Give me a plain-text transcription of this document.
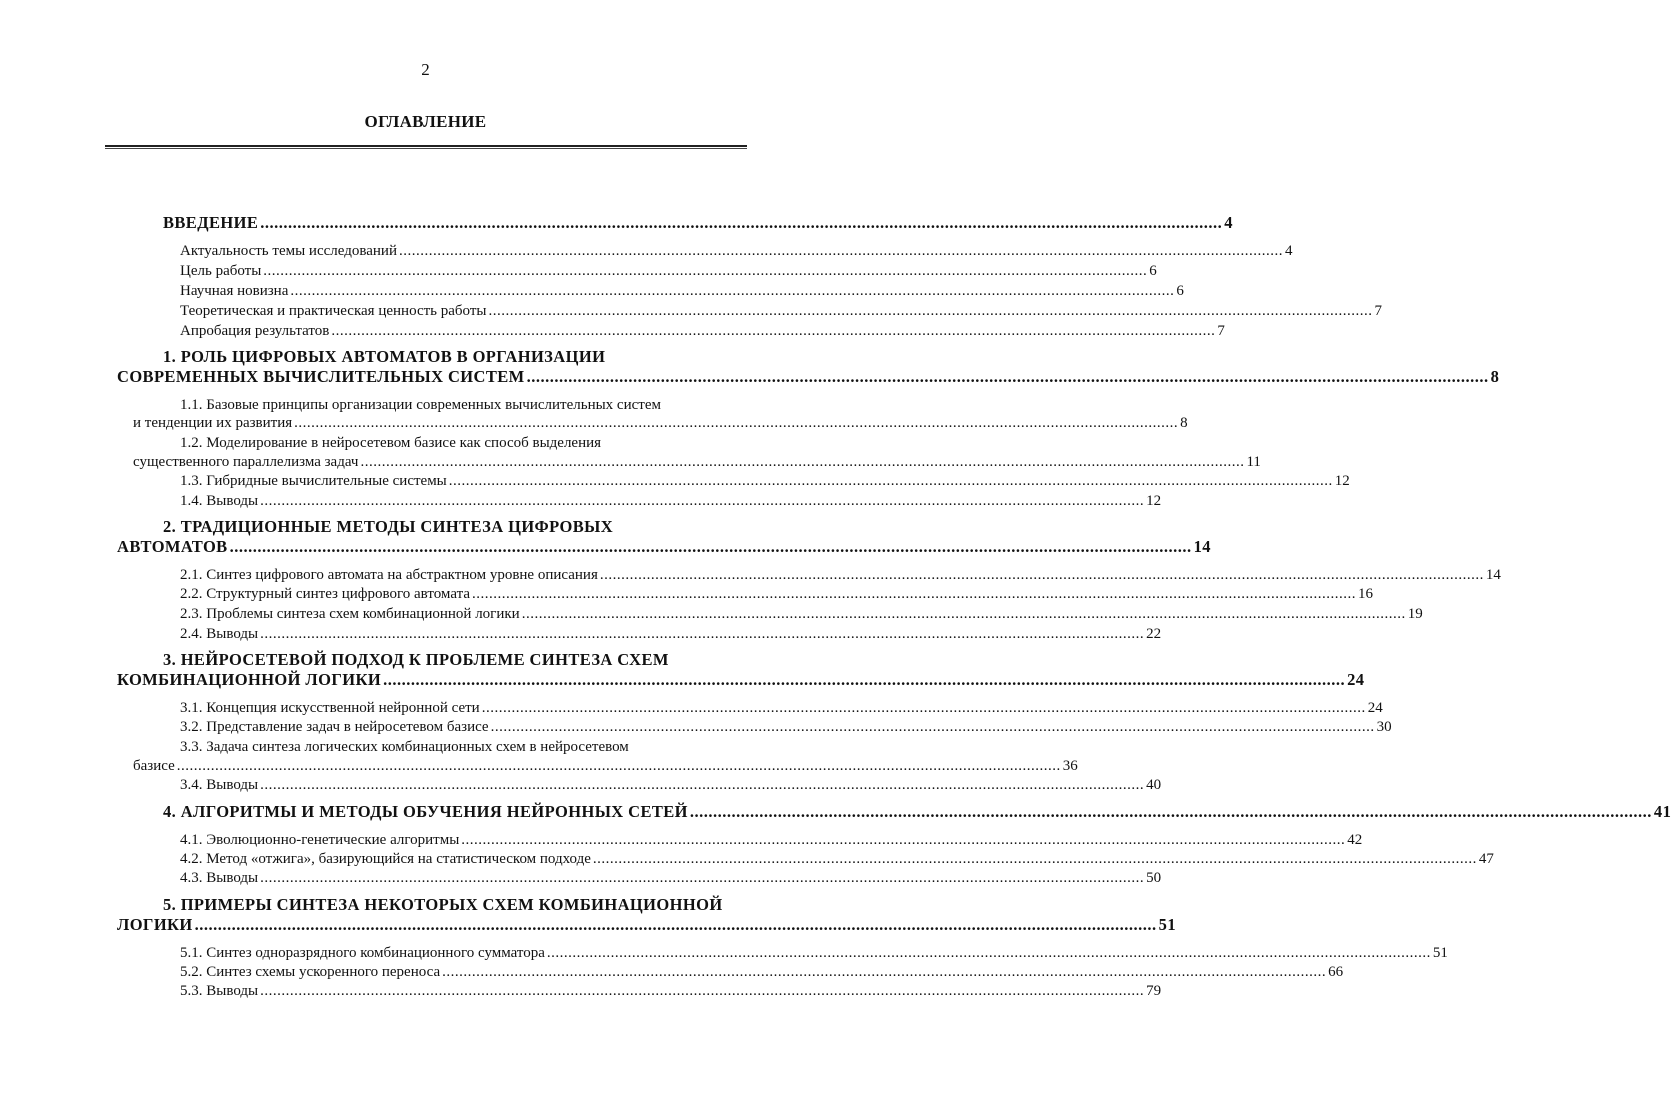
2
ОГЛАВЛЕНИЕ
ВВЕДЕНИЕ ................................................................................................................................................................................................................ 4
Актуальность темы исследований ................................................................................................................................................................................................................ 4
Цель работы ................................................................................................................................................................................................................ 6
Научная новизна ................................................................................................................................................................................................................ 6
Теоретическая и практическая ценность работы ................................................................................................................................................................................................................ 7
Апробация результатов ................................................................................................................................................................................................................ 7
1. РОЛЬ ЦИФРОВЫХ АВТОМАТОВ В ОРГАНИЗАЦИИ
СОВРЕМЕННЫХ ВЫЧИСЛИТЕЛЬНЫХ СИСТЕМ ................................................................................................................................................................................................................ 8
1.1. Базовые принципы организации современных вычислительных систем
и тенденции их развития ................................................................................................................................................................................................................ 8
1.2. Моделирование в нейросетевом базисе как способ выделения
существенного параллелизма задач ................................................................................................................................................................................................................ 11
1.3. Гибридные вычислительные системы ................................................................................................................................................................................................................ 12
1.4. Выводы ................................................................................................................................................................................................................ 12
2. ТРАДИЦИОННЫЕ МЕТОДЫ СИНТЕЗА ЦИФРОВЫХ
АВТОМАТОВ ................................................................................................................................................................................................................ 14
2.1. Синтез цифрового автомата на абстрактном уровне описания ................................................................................................................................................................................................................ 14
2.2. Структурный синтез цифрового автомата ................................................................................................................................................................................................................ 16
2.3. Проблемы синтеза схем комбинационной логики ................................................................................................................................................................................................................ 19
2.4. Выводы ................................................................................................................................................................................................................ 22
3. НЕЙРОСЕТЕВОЙ ПОДХОД К ПРОБЛЕМЕ СИНТЕЗА СХЕМ
КОМБИНАЦИОННОЙ ЛОГИКИ ................................................................................................................................................................................................................ 24
3.1. Концепция искусственной нейронной сети ................................................................................................................................................................................................................ 24
3.2. Представление задач в нейросетевом базисе ................................................................................................................................................................................................................ 30
3.3. Задача синтеза логических комбинационных схем в нейросетевом
базисе ................................................................................................................................................................................................................ 36
3.4. Выводы ................................................................................................................................................................................................................ 40
4. АЛГОРИТМЫ И МЕТОДЫ ОБУЧЕНИЯ НЕЙРОННЫХ СЕТЕЙ ................................................................................................................................................................................................................ 41
4.1. Эволюционно-генетические алгоритмы ................................................................................................................................................................................................................ 42
4.2. Метод «отжига», базирующийся на статистическом подходе ................................................................................................................................................................................................................ 47
4.3. Выводы ................................................................................................................................................................................................................ 50
5. ПРИМЕРЫ СИНТЕЗА НЕКОТОРЫХ СХЕМ КОМБИНАЦИОННОЙ
ЛОГИКИ ................................................................................................................................................................................................................ 51
5.1. Синтез одноразрядного комбинационного сумматора ................................................................................................................................................................................................................ 51
5.2. Синтез схемы ускоренного переноса ................................................................................................................................................................................................................ 66
5.3. Выводы ................................................................................................................................................................................................................ 79
